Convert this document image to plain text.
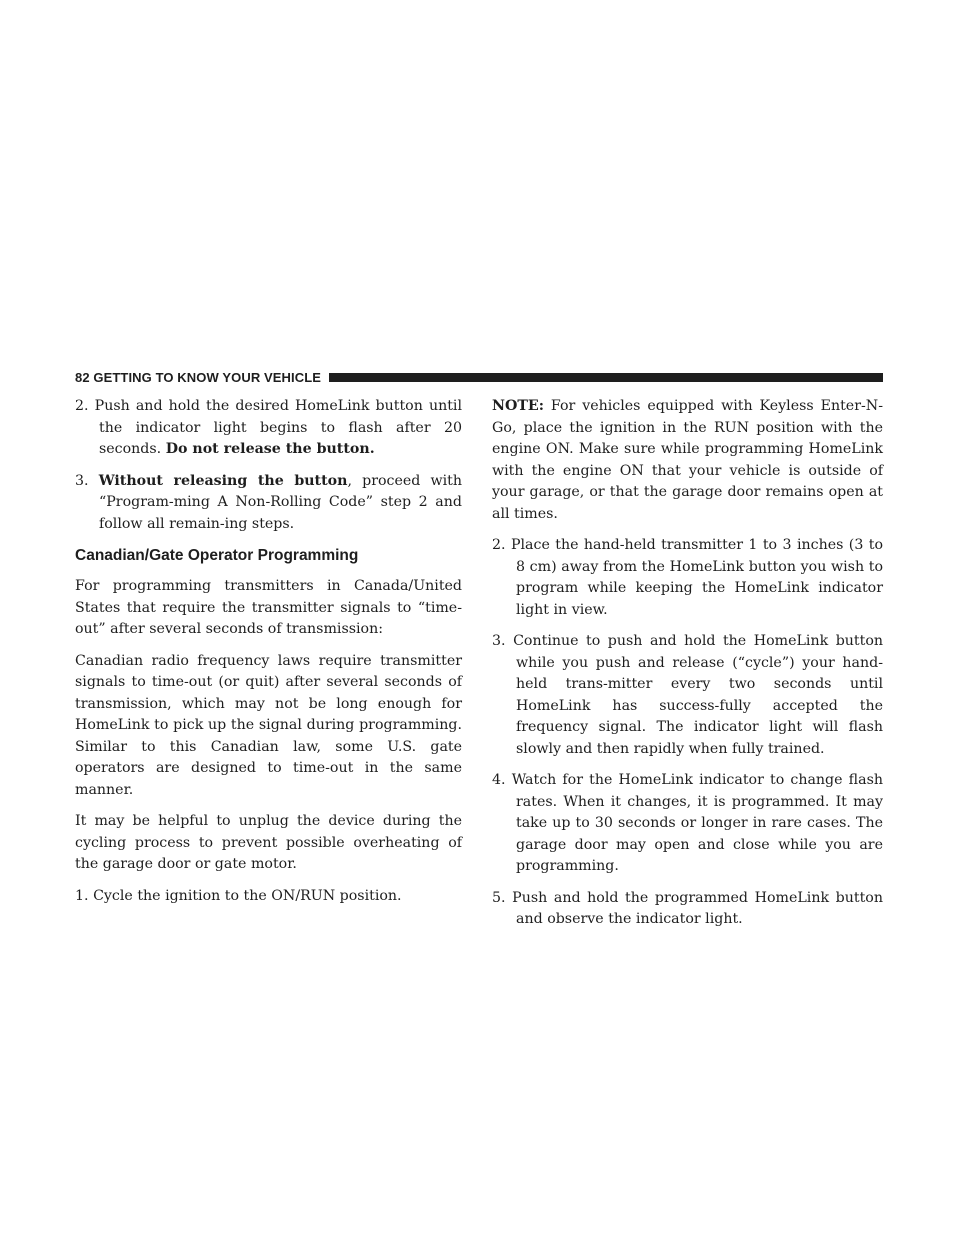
82 GETTING TO KNOW YOUR VEHICLE

2. Push and hold the desired HomeLink button until the indicator light begins to flash after 20 seconds. Do not release the button.

3. Without releasing the button, proceed with “Program-ming A Non-Rolling Code” step 2 and follow all remain-ing steps.

Canadian/Gate Operator Programming

For programming transmitters in Canada/United States that require the transmitter signals to “time-out” after several seconds of transmission:

Canadian radio frequency laws require transmitter signals to time-out (or quit) after several seconds of transmission, which may not be long enough for HomeLink to pick up the signal during programming. Similar to this Canadian law, some U.S. gate operators are designed to time-out in the same manner.

It may be helpful to unplug the device during the cycling process to prevent possible overheating of the garage door or gate motor.

1. Cycle the ignition to the ON/RUN position.

NOTE: For vehicles equipped with Keyless Enter-N-Go, place the ignition in the RUN position with the engine ON. Make sure while programming HomeLink with the engine ON that your vehicle is outside of your garage, or that the garage door remains open at all times.

2. Place the hand-held transmitter 1 to 3 inches (3 to 8 cm) away from the HomeLink button you wish to program while keeping the HomeLink indicator light in view.

3. Continue to push and hold the HomeLink button while you push and release (“cycle”) your hand-held trans-mitter every two seconds until HomeLink has success-fully accepted the frequency signal. The indicator light will flash slowly and then rapidly when fully trained.

4. Watch for the HomeLink indicator to change flash rates. When it changes, it is programmed. It may take up to 30 seconds or longer in rare cases. The garage door may open and close while you are programming.

5. Push and hold the programmed HomeLink button and observe the indicator light.
